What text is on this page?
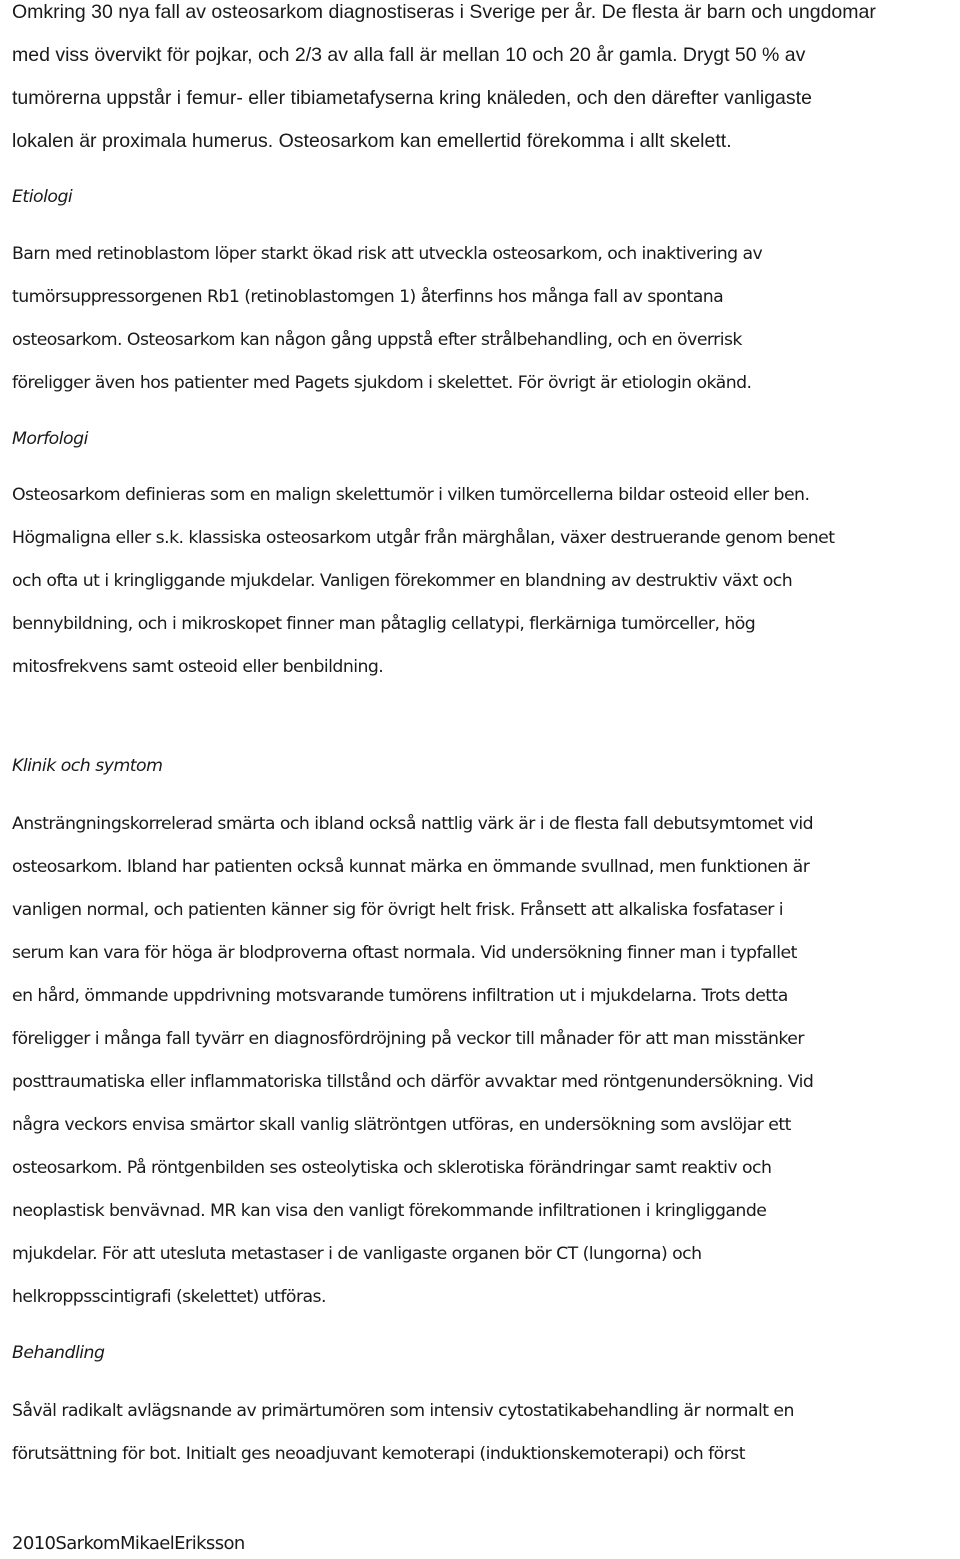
Omkring 30 nya fall av osteosarkom diagnostiseras i Sverige per år. De flesta är barn och ungdomar
med viss övervikt för pojkar, och 2/3 av alla fall är mellan 10 och 20 år gamla. Drygt 50 % av
tumörerna uppstår i femur- eller tibiametafyserna kring knäleden, och den därefter vanligaste
lokalen är proximala humerus. Osteosarkom kan emellertid förekomma i allt skelett.

Etiologi

Barn med retinoblastom löper starkt ökad risk att utveckla osteosarkom, och inaktivering av
tumörsuppressorgenen Rb1 (retinoblastomgen 1) återfinns hos många fall av spontana
osteosarkom. Osteosarkom kan någon gång uppstå efter strålbehandling, och en överrisk
föreligger även hos patienter med Pagets sjukdom i skelettet. För övrigt är etiologin okänd.

Morfologi

Osteosarkom definieras som en malign skelettumör i vilken tumörcellerna bildar osteoid eller ben.
Högmaligna eller s.k. klassiska osteosarkom utgår från märghålan, växer destruerande genom benet
och ofta ut i kringliggande mjukdelar. Vanligen förekommer en blandning av destruktiv växt och
bennybildning, och i mikroskopet finner man påtaglig cellatypi, flerkärniga tumörceller, hög
mitosfrekvens samt osteoid eller benbildning.

Klinik och symtom

Ansträngningskorrelerad smärta och ibland också nattlig värk är i de flesta fall debutsymtomet vid
osteosarkom. Ibland har patienten också kunnat märka en ömmande svullnad, men funktionen är
vanligen normal, och patienten känner sig för övrigt helt frisk. Frånsett att alkaliska fosfataser i
serum kan vara för höga är blodproverna oftast normala. Vid undersökning finner man i typfallet
en hård, ömmande uppdrivning motsvarande tumörens infiltration ut i mjukdelarna. Trots detta
föreligger i många fall tyvärr en diagnosfördröjning på veckor till månader för att man misstänker
posttraumatiska eller inflammatoriska tillstånd och därför avvaktar med röntgenundersökning. Vid
några veckors envisa smärtor skall vanlig slätröntgen utföras, en undersökning som avslöjar ett
osteosarkom. På röntgenbilden ses osteolytiska och sklerotiska förändringar samt reaktiv och
neoplastisk benvävnad. MR kan visa den vanligt förekommande infiltrationen i kringliggande
mjukdelar. För att utesluta metastaser i de vanligaste organen bör CT (lungorna) och
helkroppsscintigrafi (skelettet) utföras.

Behandling

Såväl radikalt avlägsnande av primärtumören som intensiv cytostatikabehandling är normalt en
förutsättning för bot. Initialt ges neoadjuvant kemoterapi (induktionskemoterapi) och först

2010SarkomMikaelEriksson
